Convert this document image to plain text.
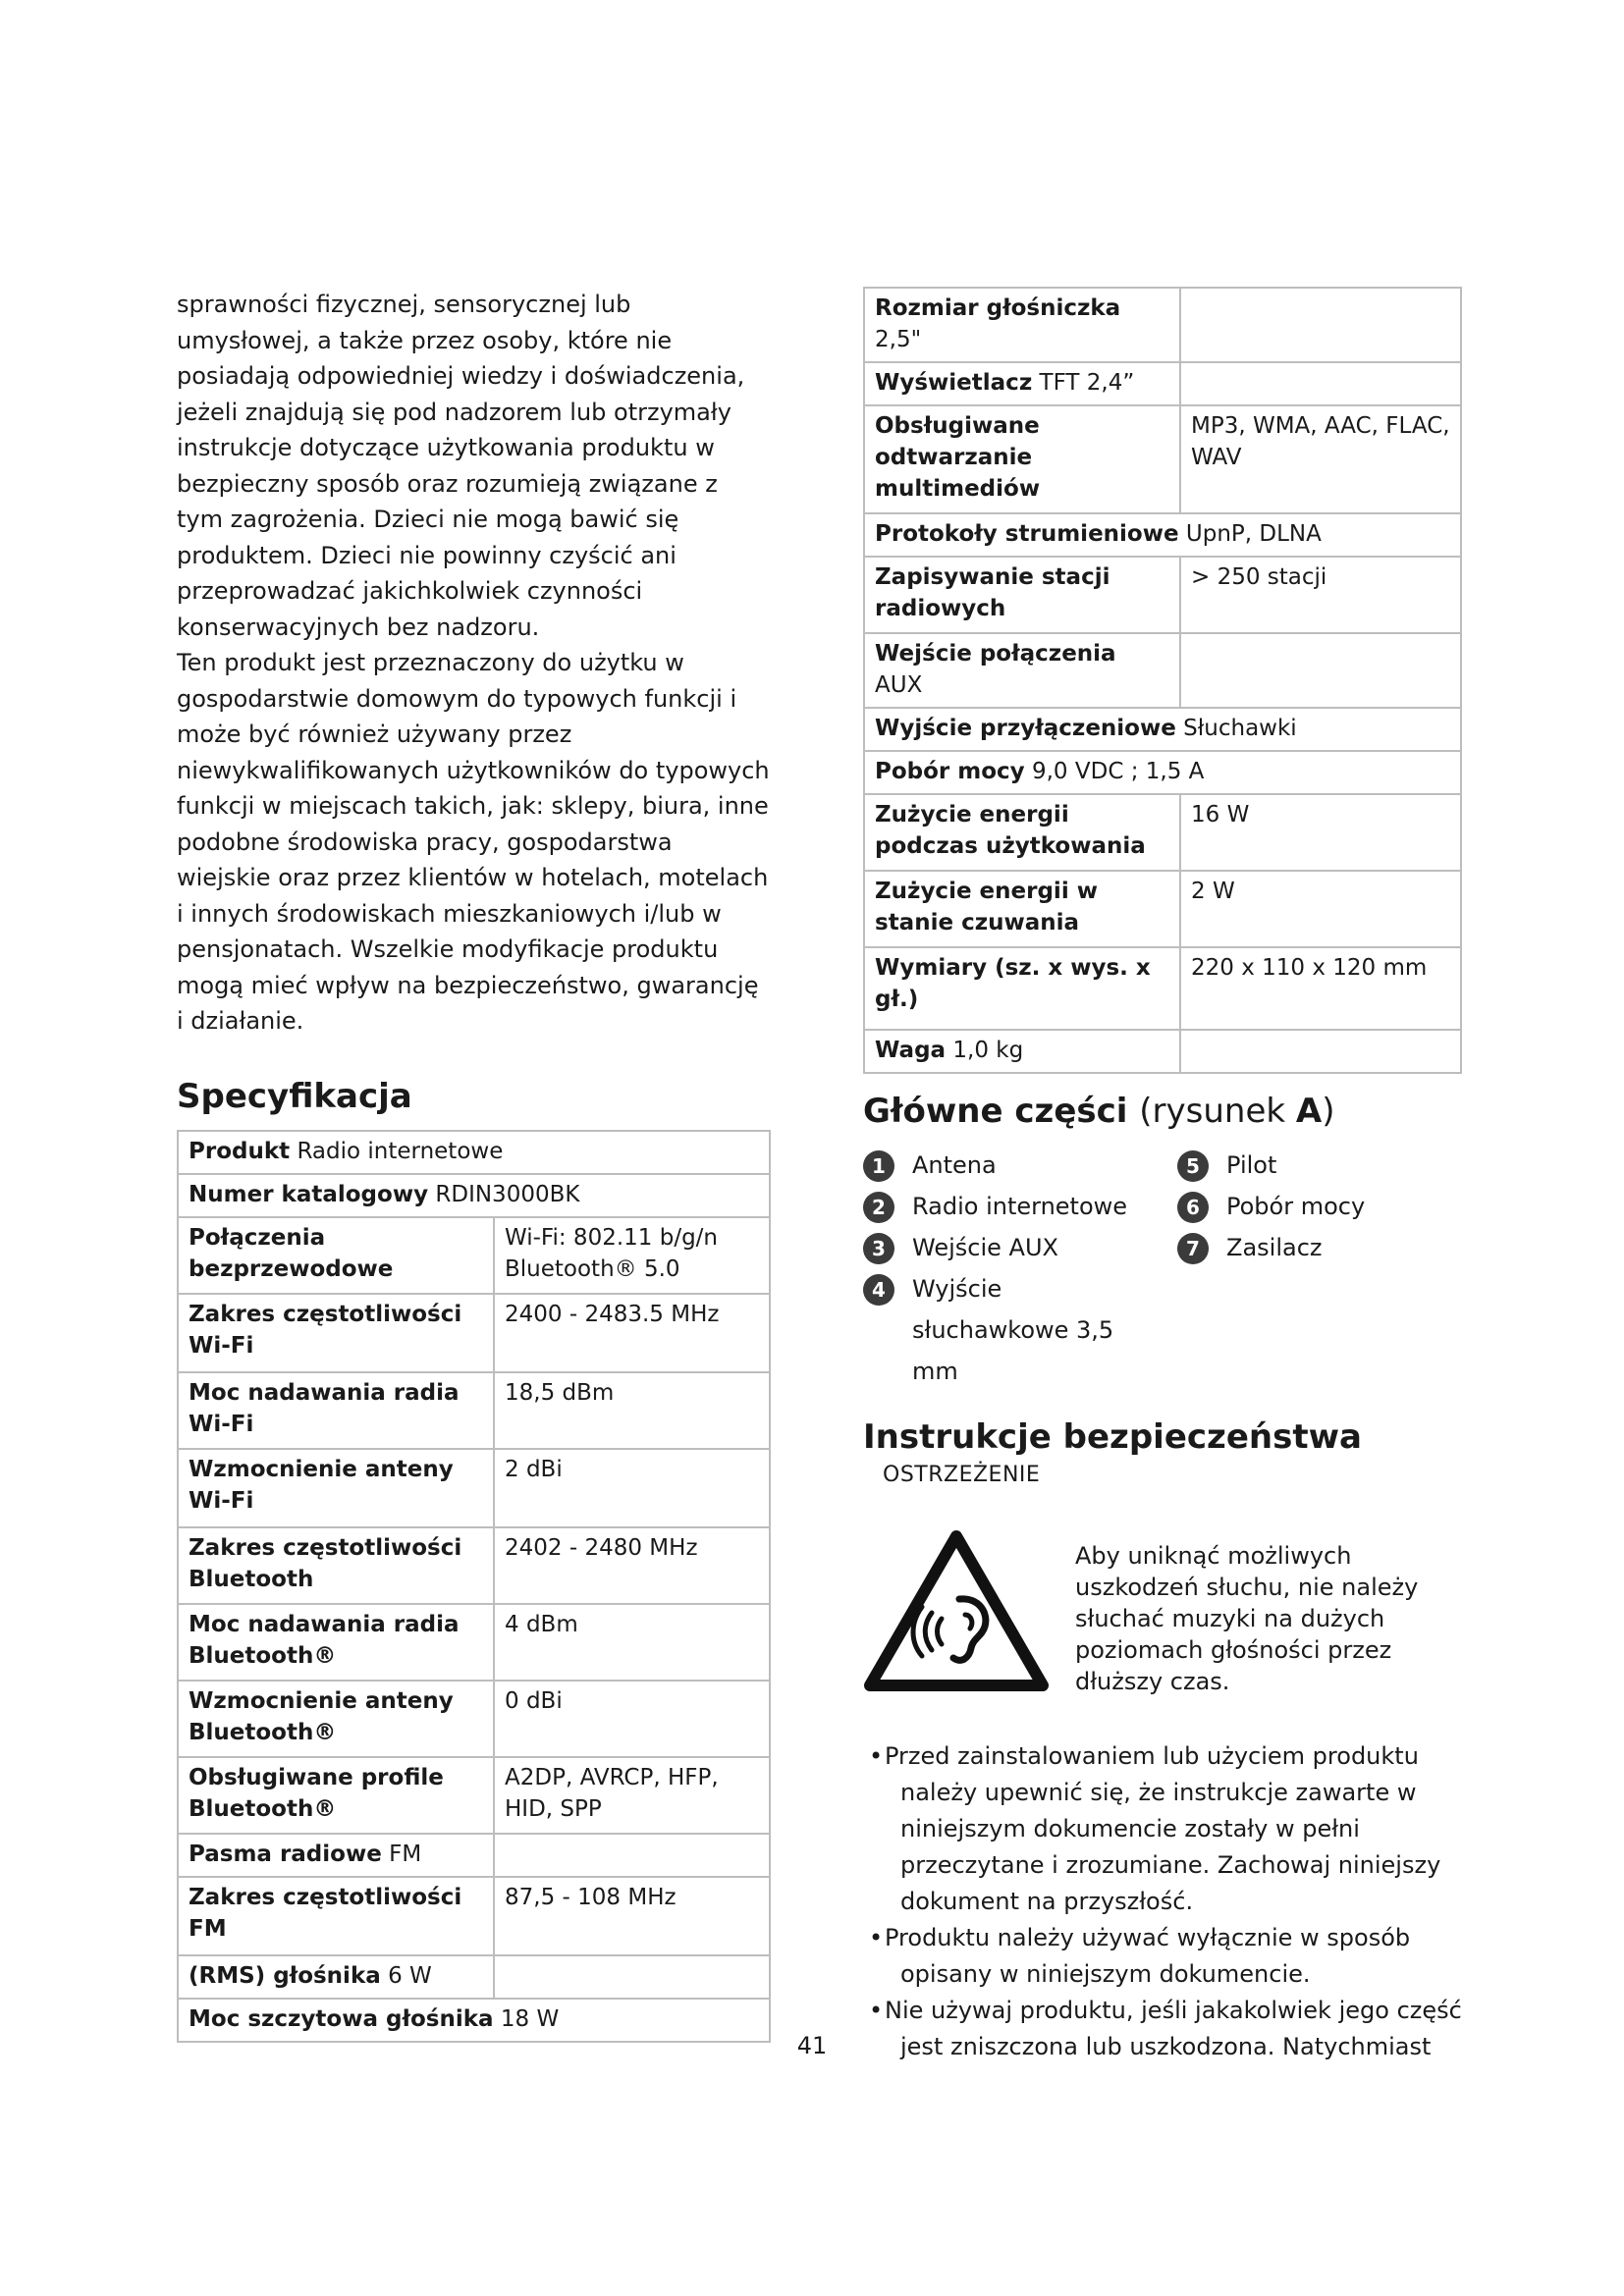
sprawności fizycznej, sensorycznej lub umysłowej, a także przez osoby, które nie posiadają odpowiedniej wiedzy i doświadczenia, jeżeli znajdują się pod nadzorem lub otrzymały instrukcje dotyczące użytkowania produktu w bezpieczny sposób oraz rozumieją związane z tym zagrożenia. Dzieci nie mogą bawić się produktem. Dzieci nie powinny czyścić ani przeprowadzać jakichkolwiek czynności konserwacyjnych bez nadzoru.

Ten produkt jest przeznaczony do użytku w gospodarstwie domowym do typowych funkcji i może być również używany przez niewykwalifikowanych użytkowników do typowych funkcji w miejscach takich, jak: sklepy, biura, inne podobne środowiska pracy, gospodarstwa wiejskie oraz przez klientów w hotelach, motelach i innych środowiskach mieszkaniowych i/lub w pensjonatach. Wszelkie modyfikacje produktu mogą mieć wpływ na bezpieczeństwo, gwarancję i działanie.

Specyfikacja
Produkt Radio internetowe	
Numer katalogowy RDIN3000BK	
Połączenia bezprzewodowe	Wi-Fi: 802.11 b/g/n Bluetooth® 5.0
Zakres częstotliwości Wi-Fi	2400 - 2483.5 MHz
Moc nadawania radia Wi-Fi	18,5 dBm
Wzmocnienie anteny Wi-Fi	2 dBi
Zakres częstotliwości Bluetooth	2402 - 2480 MHz
Moc nadawania radia Bluetooth®	4 dBm
Wzmocnienie anteny Bluetooth®	0 dBi
Obsługiwane profile Bluetooth®	A2DP, AVRCP, HFP, HID, SPP
Pasma radiowe FM	
Zakres częstotliwości FM	87,5 - 108 MHz
(RMS) głośnika 6 W	
Moc szczytowa głośnika 18 W	
Rozmiar głośniczka 2,5"	
Wyświetlacz TFT 2,4”	
Obsługiwane odtwarzanie multimediów	MP3, WMA, AAC, FLAC, WAV
Protokoły strumieniowe UpnP, DLNA	
Zapisywanie stacji radiowych	> 250 stacji
Wejście połączenia AUX	
Wyjście przyłączeniowe Słuchawki	
Pobór mocy 9,0 VDC ; 1,5 A	
Zużycie energii podczas użytkowania	16 W
Zużycie energii w stanie czuwania	2 W
Wymiary (sz. x wys. x gł.)	220 x 110 x 120 mm
Waga 1,0 kg	
Główne części (rysunek A)
1	Antena
2	Radio internetowe
3	Wejście AUX
4	Wyjście słuchawkowe 3,5 mm
5	Pilot
6	Pobór mocy
7	Zasilacz
Instrukcje bezpieczeństwa
OSTRZEŻENIE
Aby uniknąć możliwych uszkodzeń słuchu, nie należy słuchać muzyki na dużych poziomach głośności przez dłuższy czas.
• Przed zainstalowaniem lub użyciem produktu należy upewnić się, że instrukcje zawarte w niniejszym dokumencie zostały w pełni przeczytane i zrozumiane. Zachowaj niniejszy dokument na przyszłość.
• Produktu należy używać wyłącznie w sposób opisany w niniejszym dokumencie.
• Nie używaj produktu, jeśli jakakolwiek jego część jest zniszczona lub uszkodzona. Natychmiast
41
